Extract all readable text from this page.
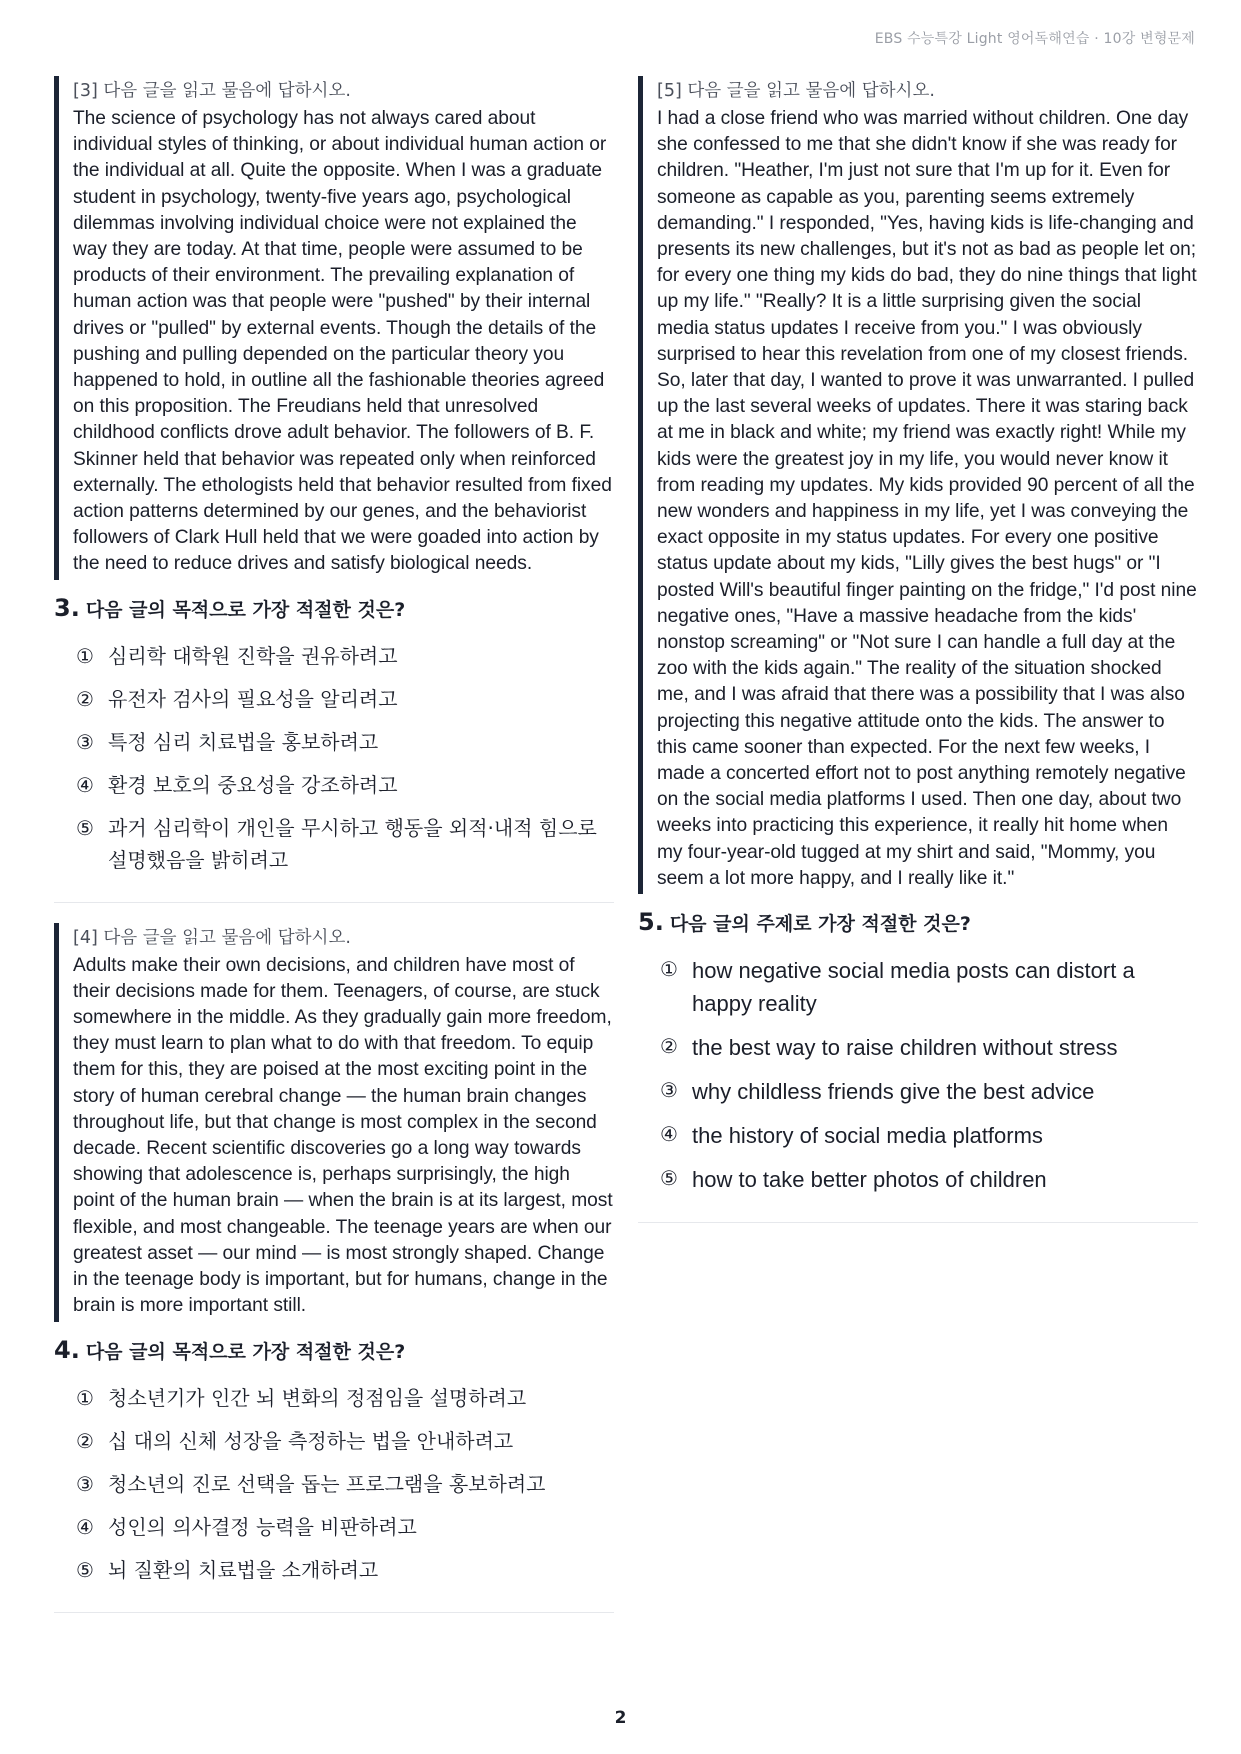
EBS 수능특강 Light 영어독해연습 · 10강 변형문제
[3] 다음 글을 읽고 물음에 답하시오.
The science of psychology has not always cared about individual styles of thinking, or about individual human action or the individual at all. Quite the opposite. When I was a graduate student in psychology, twenty-five years ago, psychological dilemmas involving individual choice were not explained the way they are today. At that time, people were assumed to be products of their environment. The prevailing explanation of human action was that people were "pushed" by their internal drives or "pulled" by external events. Though the details of the pushing and pulling depended on the particular theory you happened to hold, in outline all the fashionable theories agreed on this proposition. The Freudians held that unresolved childhood conflicts drove adult behavior. The followers of B. F. Skinner held that behavior was repeated only when reinforced externally. The ethologists held that behavior resulted from fixed action patterns determined by our genes, and the behaviorist followers of Clark Hull held that we were goaded into action by the need to reduce drives and satisfy biological needs.
3. 다음 글의 목적으로 가장 적절한 것은?
① 심리학 대학원 진학을 권유하려고
② 유전자 검사의 필요성을 알리려고
③ 특정 심리 치료법을 홍보하려고
④ 환경 보호의 중요성을 강조하려고
⑤ 과거 심리학이 개인을 무시하고 행동을 외적·내적 힘으로 설명했음을 밝히려고
[4] 다음 글을 읽고 물음에 답하시오.
Adults make their own decisions, and children have most of their decisions made for them. Teenagers, of course, are stuck somewhere in the middle. As they gradually gain more freedom, they must learn to plan what to do with that freedom. To equip them for this, they are poised at the most exciting point in the story of human cerebral change — the human brain changes throughout life, but that change is most complex in the second decade. Recent scientific discoveries go a long way towards showing that adolescence is, perhaps surprisingly, the high point of the human brain — when the brain is at its largest, most flexible, and most changeable. The teenage years are when our greatest asset — our mind — is most strongly shaped. Change in the teenage body is important, but for humans, change in the brain is more important still.
4. 다음 글의 목적으로 가장 적절한 것은?
① 청소년기가 인간 뇌 변화의 정점임을 설명하려고
② 십 대의 신체 성장을 측정하는 법을 안내하려고
③ 청소년의 진로 선택을 돕는 프로그램을 홍보하려고
④ 성인의 의사결정 능력을 비판하려고
⑤ 뇌 질환의 치료법을 소개하려고
[5] 다음 글을 읽고 물음에 답하시오.
I had a close friend who was married without children. One day she confessed to me that she didn't know if she was ready for children. "Heather, I'm just not sure that I'm up for it. Even for someone as capable as you, parenting seems extremely demanding." I responded, "Yes, having kids is life-changing and presents its new challenges, but it's not as bad as people let on; for every one thing my kids do bad, they do nine things that light up my life." "Really? It is a little surprising given the social media status updates I receive from you." I was obviously surprised to hear this revelation from one of my closest friends. So, later that day, I wanted to prove it was unwarranted. I pulled up the last several weeks of updates. There it was staring back at me in black and white; my friend was exactly right! While my kids were the greatest joy in my life, you would never know it from reading my updates. My kids provided 90 percent of all the new wonders and happiness in my life, yet I was conveying the exact opposite in my status updates. For every one positive status update about my kids, "Lilly gives the best hugs" or "I posted Will's beautiful finger painting on the fridge," I'd post nine negative ones, "Have a massive headache from the kids' nonstop screaming" or "Not sure I can handle a full day at the zoo with the kids again." The reality of the situation shocked me, and I was afraid that there was a possibility that I was also projecting this negative attitude onto the kids. The answer to this came sooner than expected. For the next few weeks, I made a concerted effort not to post anything remotely negative on the social media platforms I used. Then one day, about two weeks into practicing this experience, it really hit home when my four-year-old tugged at my shirt and said, "Mommy, you seem a lot more happy, and I really like it."
5. 다음 글의 주제로 가장 적절한 것은?
① how negative social media posts can distort a happy reality
② the best way to raise children without stress
③ why childless friends give the best advice
④ the history of social media platforms
⑤ how to take better photos of children
2
